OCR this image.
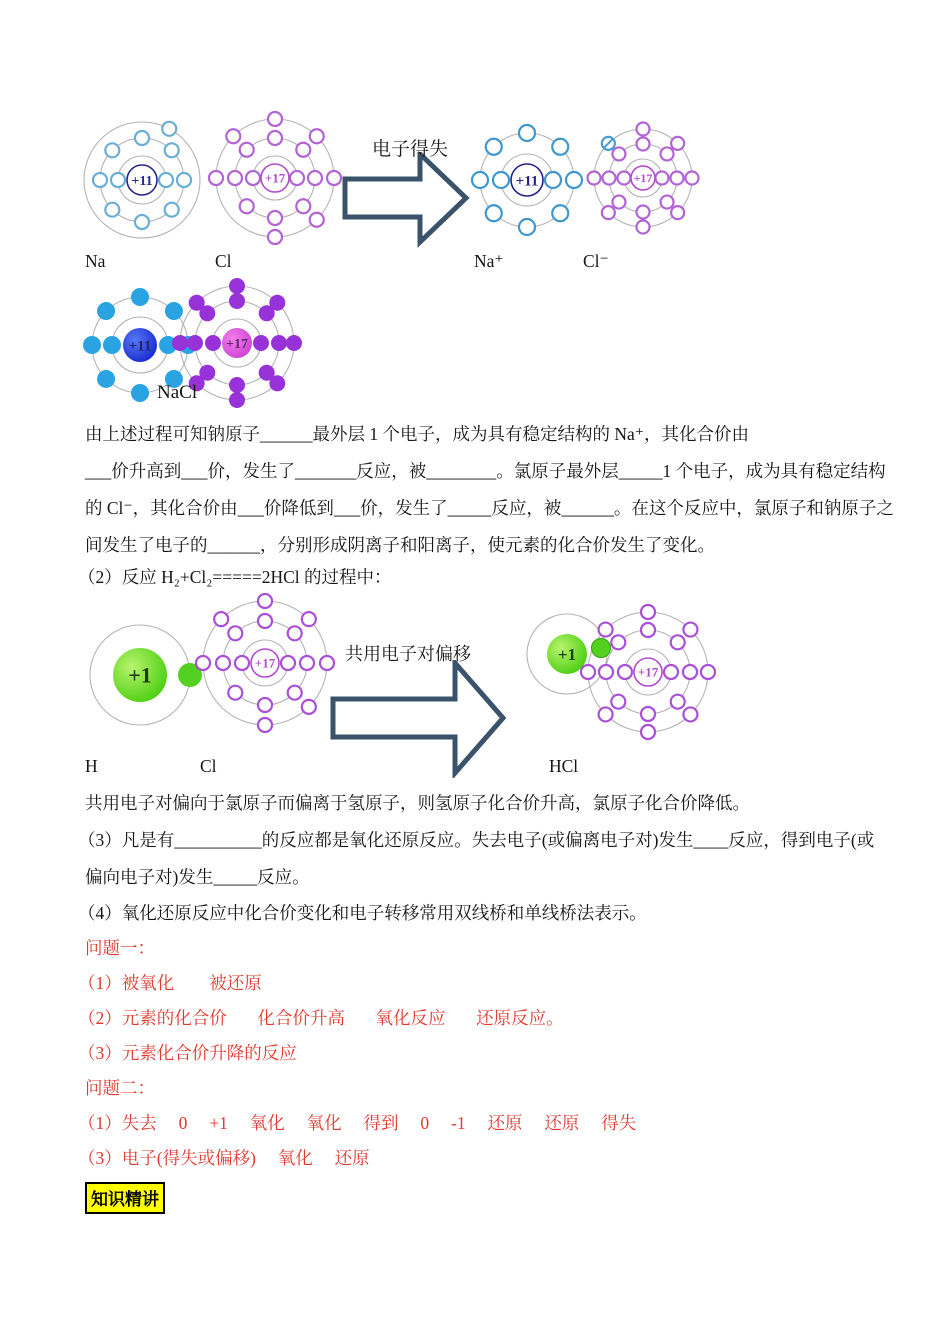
+11	+17	+11	+17
电子得失
Na	Cl	Na⁺	Cl⁻
+11	+17
NaCl
由上述过程可知钠原子______最外层 1 个电子，成为具有稳定结构的 Na⁺，其化合价由
___价升高到___价，发生了_______反应，被________。氯原子最外层_____1 个电子，成为具有稳定结构
的 Cl⁻，其化合价由___价降低到___价，发生了_____反应，被______。在这个反应中，氯原子和钠原子之
间发生了电子的______，分别形成阴离子和阳离子，使元素的化合价发生了变化。
（2）反应 H₂+Cl₂=====2HCl 的过程中：
+1	+17	+1
+17
共用电子对偏移
H	Cl	HCl
共用电子对偏向于氯原子而偏离于氢原子，则氢原子化合价升高，氯原子化合价降低。
（3）凡是有__________的反应都是氧化还原反应。失去电子(或偏离电子对)发生____反应，得到电子(或
偏向电子对)发生_____反应。
（4）氧化还原反应中化合价变化和电子转移常用双线桥和单线桥法表示。
问题一：
（1）被氧化        被还原
（2）元素的化合价       化合价升高       氧化反应       还原反应。
（3）元素化合价升降的反应
问题二：
（1）失去     0     +1     氧化     氧化     得到     0     -1     还原     还原     得失
（3）电子(得失或偏移)     氧化     还原
知识精讲
